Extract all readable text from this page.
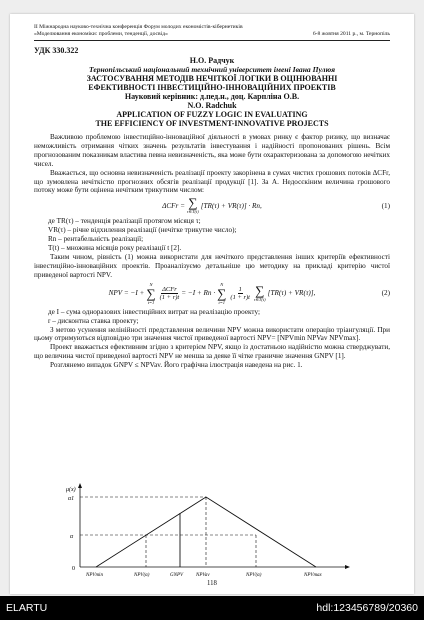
ІІ Міжнародна науково-технічна конференція Форум молодих економістів-кібернетиків
«Моделювання економіки: проблеми, тенденції, досвід»	6-8 жовтня 2011 р., м. Тернопіль
УДК 330.322
Н.О. Радчук
Тернопільський національний технічний університет імені Івана Пулюя
ЗАСТОСУВАННЯ МЕТОДІВ НЕЧІТКОЇ ЛОГІКИ В ОЦІНЮВАННІ
ЕФЕКТИВНОСТІ ІНВЕСТИЦІЙНО-ІННОВАЦІЙНИХ ПРОЕКТІВ
Науковий керівник: д.пед.н., доц. Карпліна О.В.
N.O. Radchuk
APPLICATION OF FUZZY LOGIC IN EVALUATING
THE EFFICIENCY OF INVESTMENT-INNOVATIVE PROJECTS

Важливою проблемою інвестиційно-інноваційної діяльності в умовах ринку є фактор ризику, що визначає неможливість отримання чітких значень результатів інвестування і надійності пропонованих рішень. Всім прогнозованим показникам властива певна невизначеність, яка може бути охарактеризована за допомогою нечітких чисел.

Вважається, що основна невизначеність реалізації проекту закорінена в сумах чистих грошових потоків ΔCFr, що зумовлена нечіткістю прогнозних обсягів реалізації продукції [1]. За А. Недосєкіним величина грошового потоку може бути оцінена нечітким трикутним числом:

ΔCFr = ∑
τ∈T(t)
[TR(τ) + VR(τ)] · Rn,	(1)

де TR(τ) – тенденція реалізації протягом місяця τ;

VR(τ) – річне відхилення реалізації (нечітке трикутне число);

Rn – рентабельність реалізації;

T(t) – множина місяців року реалізації t [2].

Таким чином, рівність (1) можна використати для нечіткого представлення інших критеріїв ефективності інвестиційно-інноваційних проектів. Проаналізуємо детальніше цю методику на прикладі критерію чистої приведеної вартості NPV.

NPV = −I +
N
∑
t=1
$\frac{\text{ΔCFr}}{(1 + r)t} = -I + Rn$ ·
N
∑
t=1
$\frac{1}{(1 + r)t}$ ∑
τ∈T(t)
[TR(τ) + VR(τ)],	(2)

де I – сума одноразових інвестиційних витрат на реалізацію проекту;

r – дисконтна ставка проекту;

З метою усунення нелінійності представлення величини NPV можна використати операцію тріангуляції. При цьому отримуються відповідно три значення чистої приведеної вартості NPV= [NPVmin NPVav NPVmax].

Проект вважається ефективним згідно з критерієм NPV, якщо із достатньою надійністю можна стверджувати, що величина чистої приведеної вартості NPV не менша за деяке її чітке граничне значення GNPV [1].

Розглянемо випадок GNPV ≤ NPVav. Його графічна ілюстрація наведена на рис. 1.

μ(x)
α1
α
0
NPVmin	NPV(α)	GNPV	NPVav	NPV(α)	NPVmax
118
ELARTU	hdl:123456789/20360
